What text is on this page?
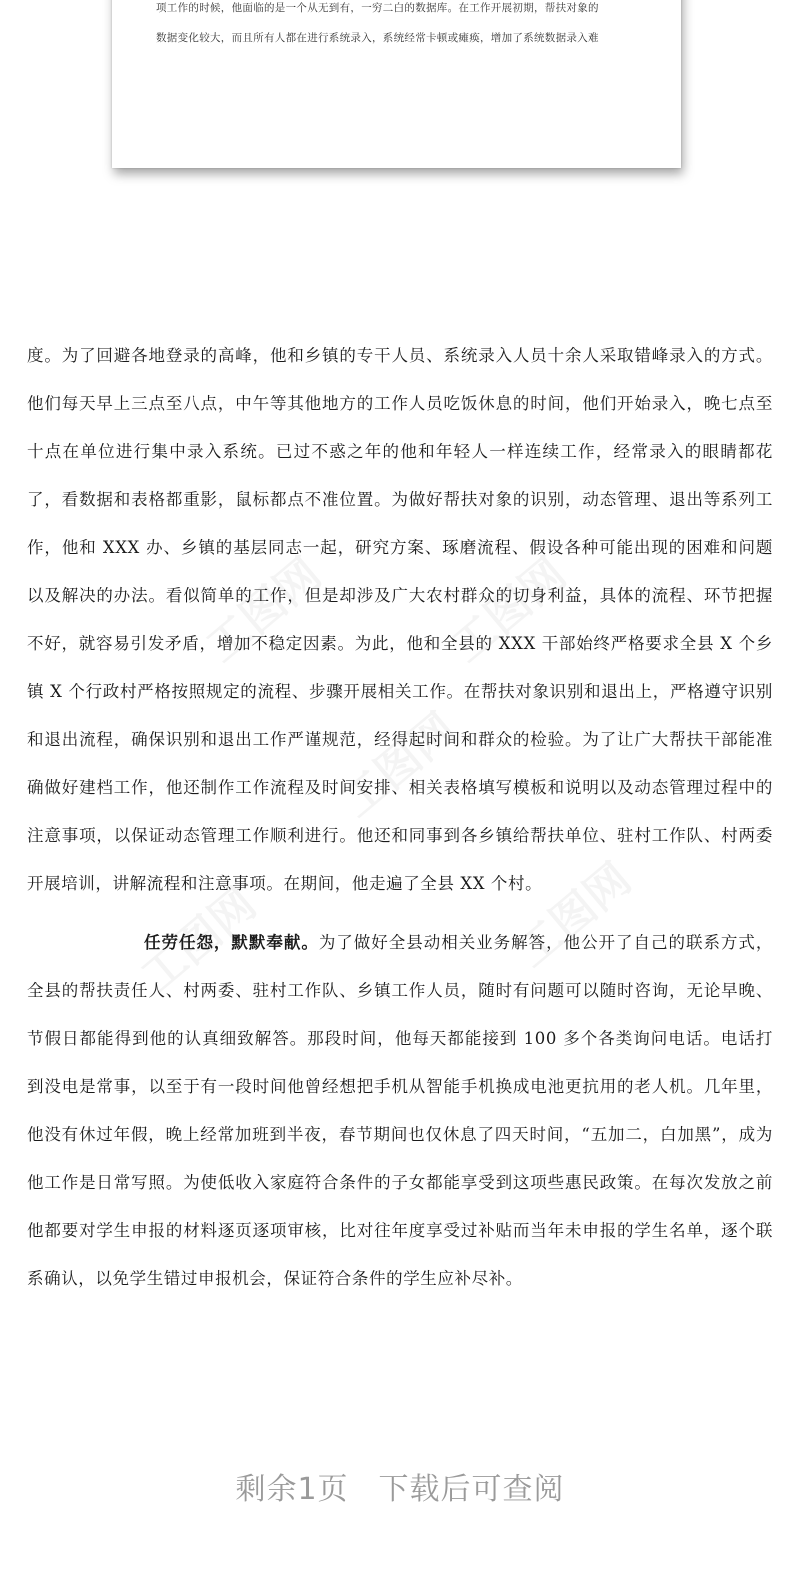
项工作的时候，他面临的是一个从无到有，一穷二白的数据库。在工作开展初期，帮扶对象的
数据变化较大，而且所有人都在进行系统录入，系统经常卡顿或瘫痪，增加了系统数据录入难

度。为了回避各地登录的高峰，他和乡镇的专干人员、系统录入人员十余人采取错峰录入的方式。他们每天早上三点至八点，中午等其他地方的工作人员吃饭休息的时间，他们开始录入，晚七点至十点在单位进行集中录入系统。已过不惑之年的他和年轻人一样连续工作，经常录入的眼睛都花了，看数据和表格都重影，鼠标都点不准位置。为做好帮扶对象的识别，动态管理、退出等系列工作，他和 XXX 办、乡镇的基层同志一起，研究方案、琢磨流程、假设各种可能出现的困难和问题以及解决的办法。看似简单的工作，但是却涉及广大农村群众的切身利益，具体的流程、环节把握不好，就容易引发矛盾，增加不稳定因素。为此，他和全县的 XXX 干部始终严格要求全县 X 个乡镇 X 个行政村严格按照规定的流程、步骤开展相关工作。在帮扶对象识别和退出上，严格遵守识别和退出流程，确保识别和退出工作严谨规范，经得起时间和群众的检验。为了让广大帮扶干部能准确做好建档工作，他还制作工作流程及时间安排、相关表格填写模板和说明以及动态管理过程中的注意事项，以保证动态管理工作顺利进行。他还和同事到各乡镇给帮扶单位、驻村工作队、村两委开展培训，讲解流程和注意事项。在期间，他走遍了全县 XX 个村。

任劳任怨，默默奉献。为了做好全县动相关业务解答，他公开了自己的联系方式，全县的帮扶责任人、村两委、驻村工作队、乡镇工作人员，随时有问题可以随时咨询，无论早晚、节假日都能得到他的认真细致解答。那段时间，他每天都能接到 100 多个各类询问电话。电话打到没电是常事，以至于有一段时间他曾经想把手机从智能手机换成电池更抗用的老人机。几年里，他没有休过年假，晚上经常加班到半夜，春节期间也仅休息了四天时间，“五加二，白加黑”，成为他工作是日常写照。为使低收入家庭符合条件的子女都能享受到这项些惠民政策。在每次发放之前他都要对学生申报的材料逐页逐项审核，比对往年度享受过补贴而当年未申报的学生名单，逐个联系确认，以免学生错过申报机会，保证符合条件的学生应补尽补。

剩余1页 下载后可查阅
